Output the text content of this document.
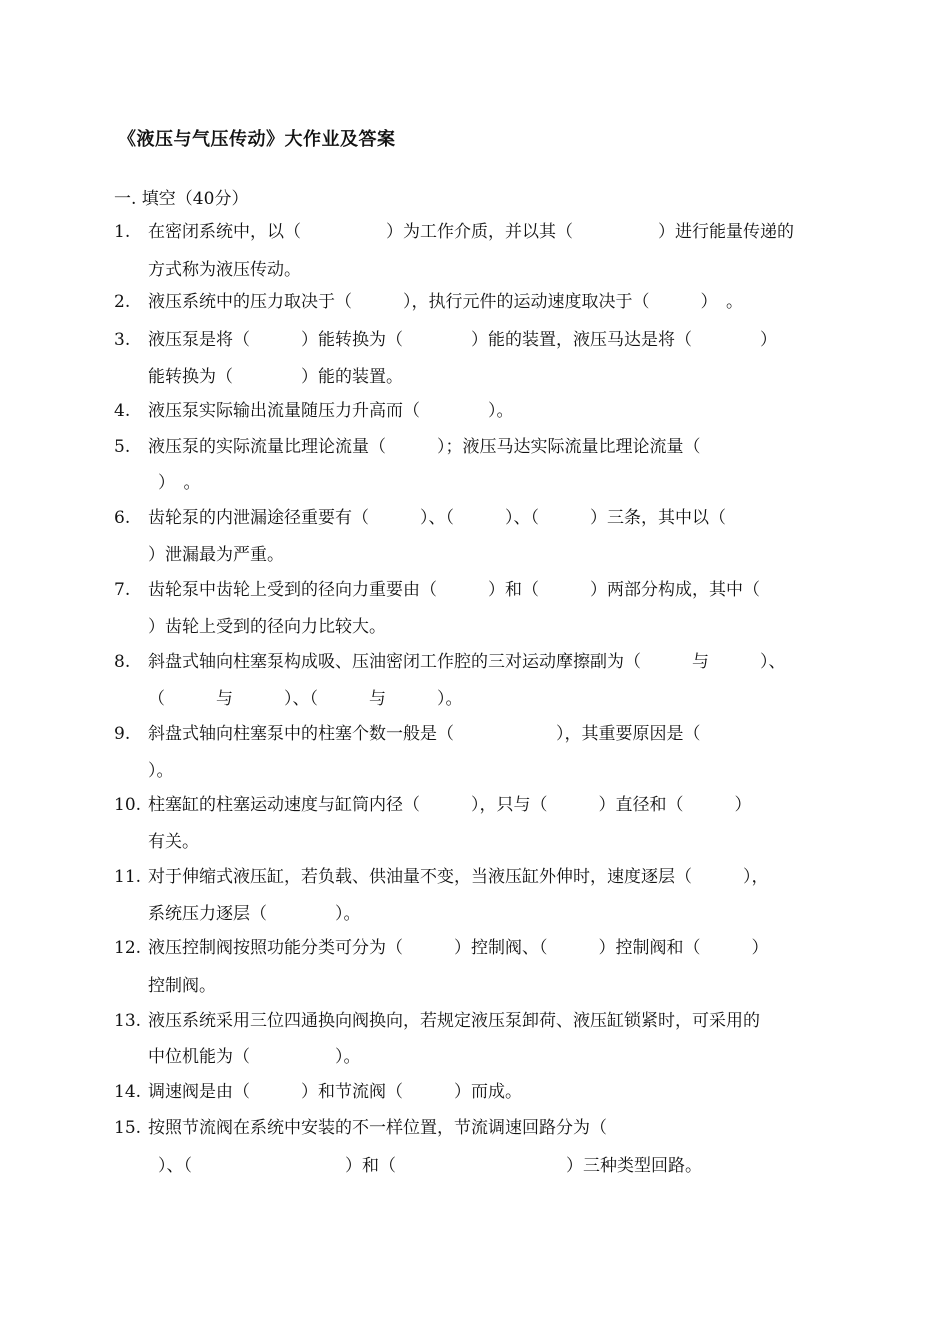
《液压与气压传动》大作业及答案
一. 填空（40分）
1. 在密闭系统中，以（　　　　　）为工作介质，并以其（　　　　　）进行能量传递的
方式称为液压传动。
2. 液压系统中的压力取决于（　　　），执行元件的运动速度取决于（　　　）　。
3. 液压泵是将（　　　）能转换为（　　　　）能的装置，液压马达是将（　　　　）
能转换为（　　　　）能的装置。
4. 液压泵实际输出流量随压力升高而（　　　　）。
5. 液压泵的实际流量比理论流量（　　　）；液压马达实际流量比理论流量（
）　。
6. 齿轮泵的内泄漏途径重要有（　　　）、（　　　）、（　　　）三条，其中以（
）泄漏最为严重。
7. 齿轮泵中齿轮上受到的径向力重要由（　　　）和（　　　）两部分构成，其中（
）齿轮上受到的径向力比较大。
8. 斜盘式轴向柱塞泵构成吸、压油密闭工作腔的三对运动摩擦副为（　　　与　　　）、
（　　　与　　　）、（　　　与　　　）。
9. 斜盘式轴向柱塞泵中的柱塞个数一般是（　　　　　　），其重要原因是（
）。
10. 柱塞缸的柱塞运动速度与缸筒内径（　　　），只与（　　　）直径和（　　　）
有关。
11. 对于伸缩式液压缸，若负载、供油量不变，当液压缸外伸时，速度逐层（　　　），
系统压力逐层（　　　　）。
12. 液压控制阀按照功能分类可分为（　　　）控制阀、（　　　）控制阀和（　　　）
控制阀。
13. 液压系统采用三位四通换向阀换向，若规定液压泵卸荷、液压缸锁紧时，可采用的
中位机能为（　　　　　）。
14. 调速阀是由（　　　）和节流阀（　　　）而成。
15. 按照节流阀在系统中安装的不一样位置，节流调速回路分为（
）、（　　　　　　　　　）和（　　　　　　　　　　）三种类型回路。
